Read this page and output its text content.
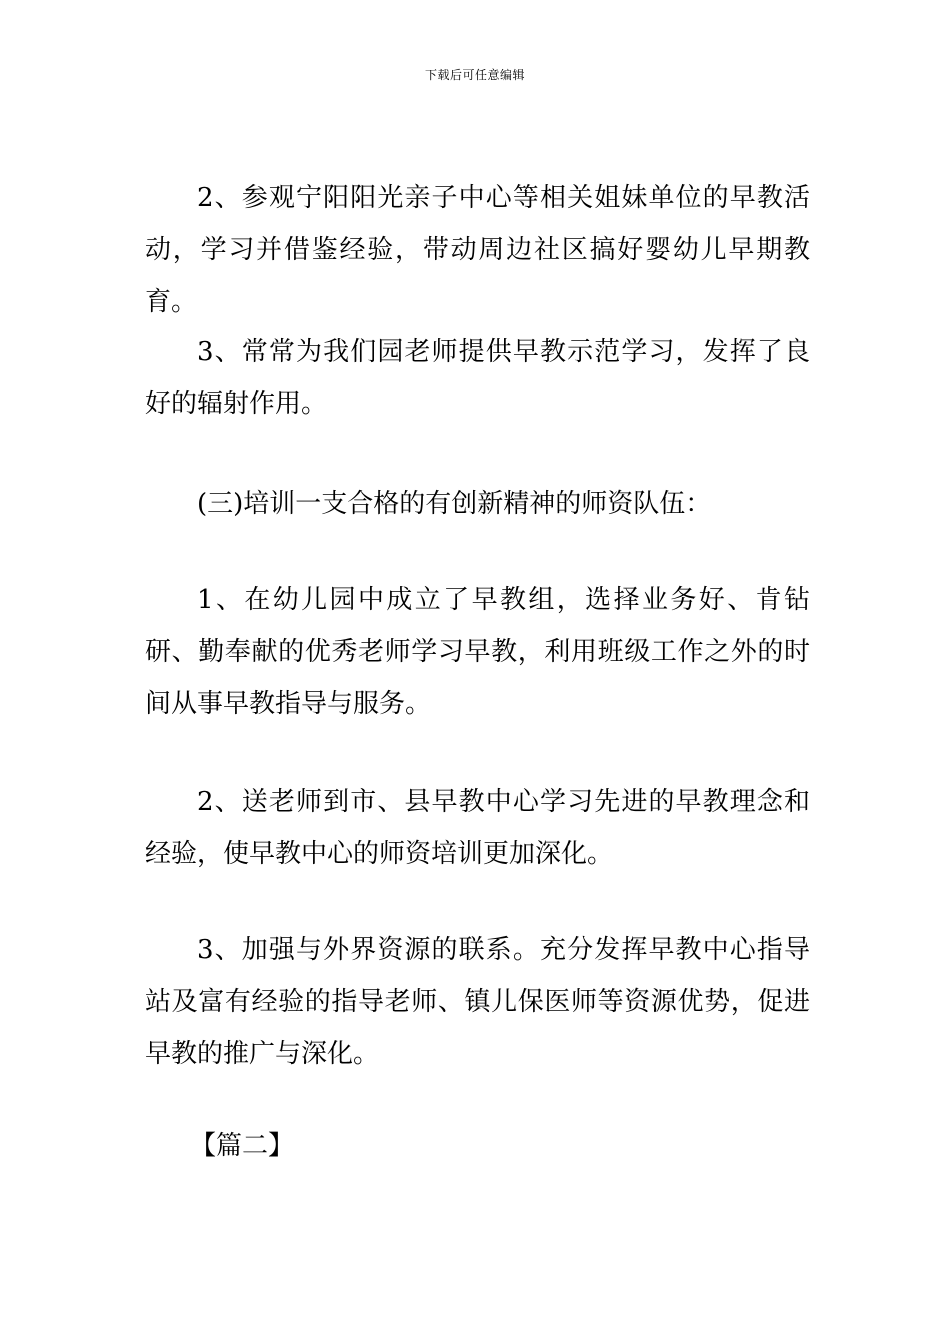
下载后可任意编辑

2、参观宁阳阳光亲子中心等相关姐妹单位的早教活动，学习并借鉴经验，带动周边社区搞好婴幼儿早期教育。

3、常常为我们园老师提供早教示范学习，发挥了良好的辐射作用。

(三)培训一支合格的有创新精神的师资队伍：

1、在幼儿园中成立了早教组，选择业务好、肯钻研、勤奉献的优秀老师学习早教，利用班级工作之外的时间从事早教指导与服务。

2、送老师到市、县早教中心学习先进的早教理念和经验，使早教中心的师资培训更加深化。

3、加强与外界资源的联系。充分发挥早教中心指导站及富有经验的指导老师、镇儿保医师等资源优势，促进早教的推广与深化。

【篇二】
